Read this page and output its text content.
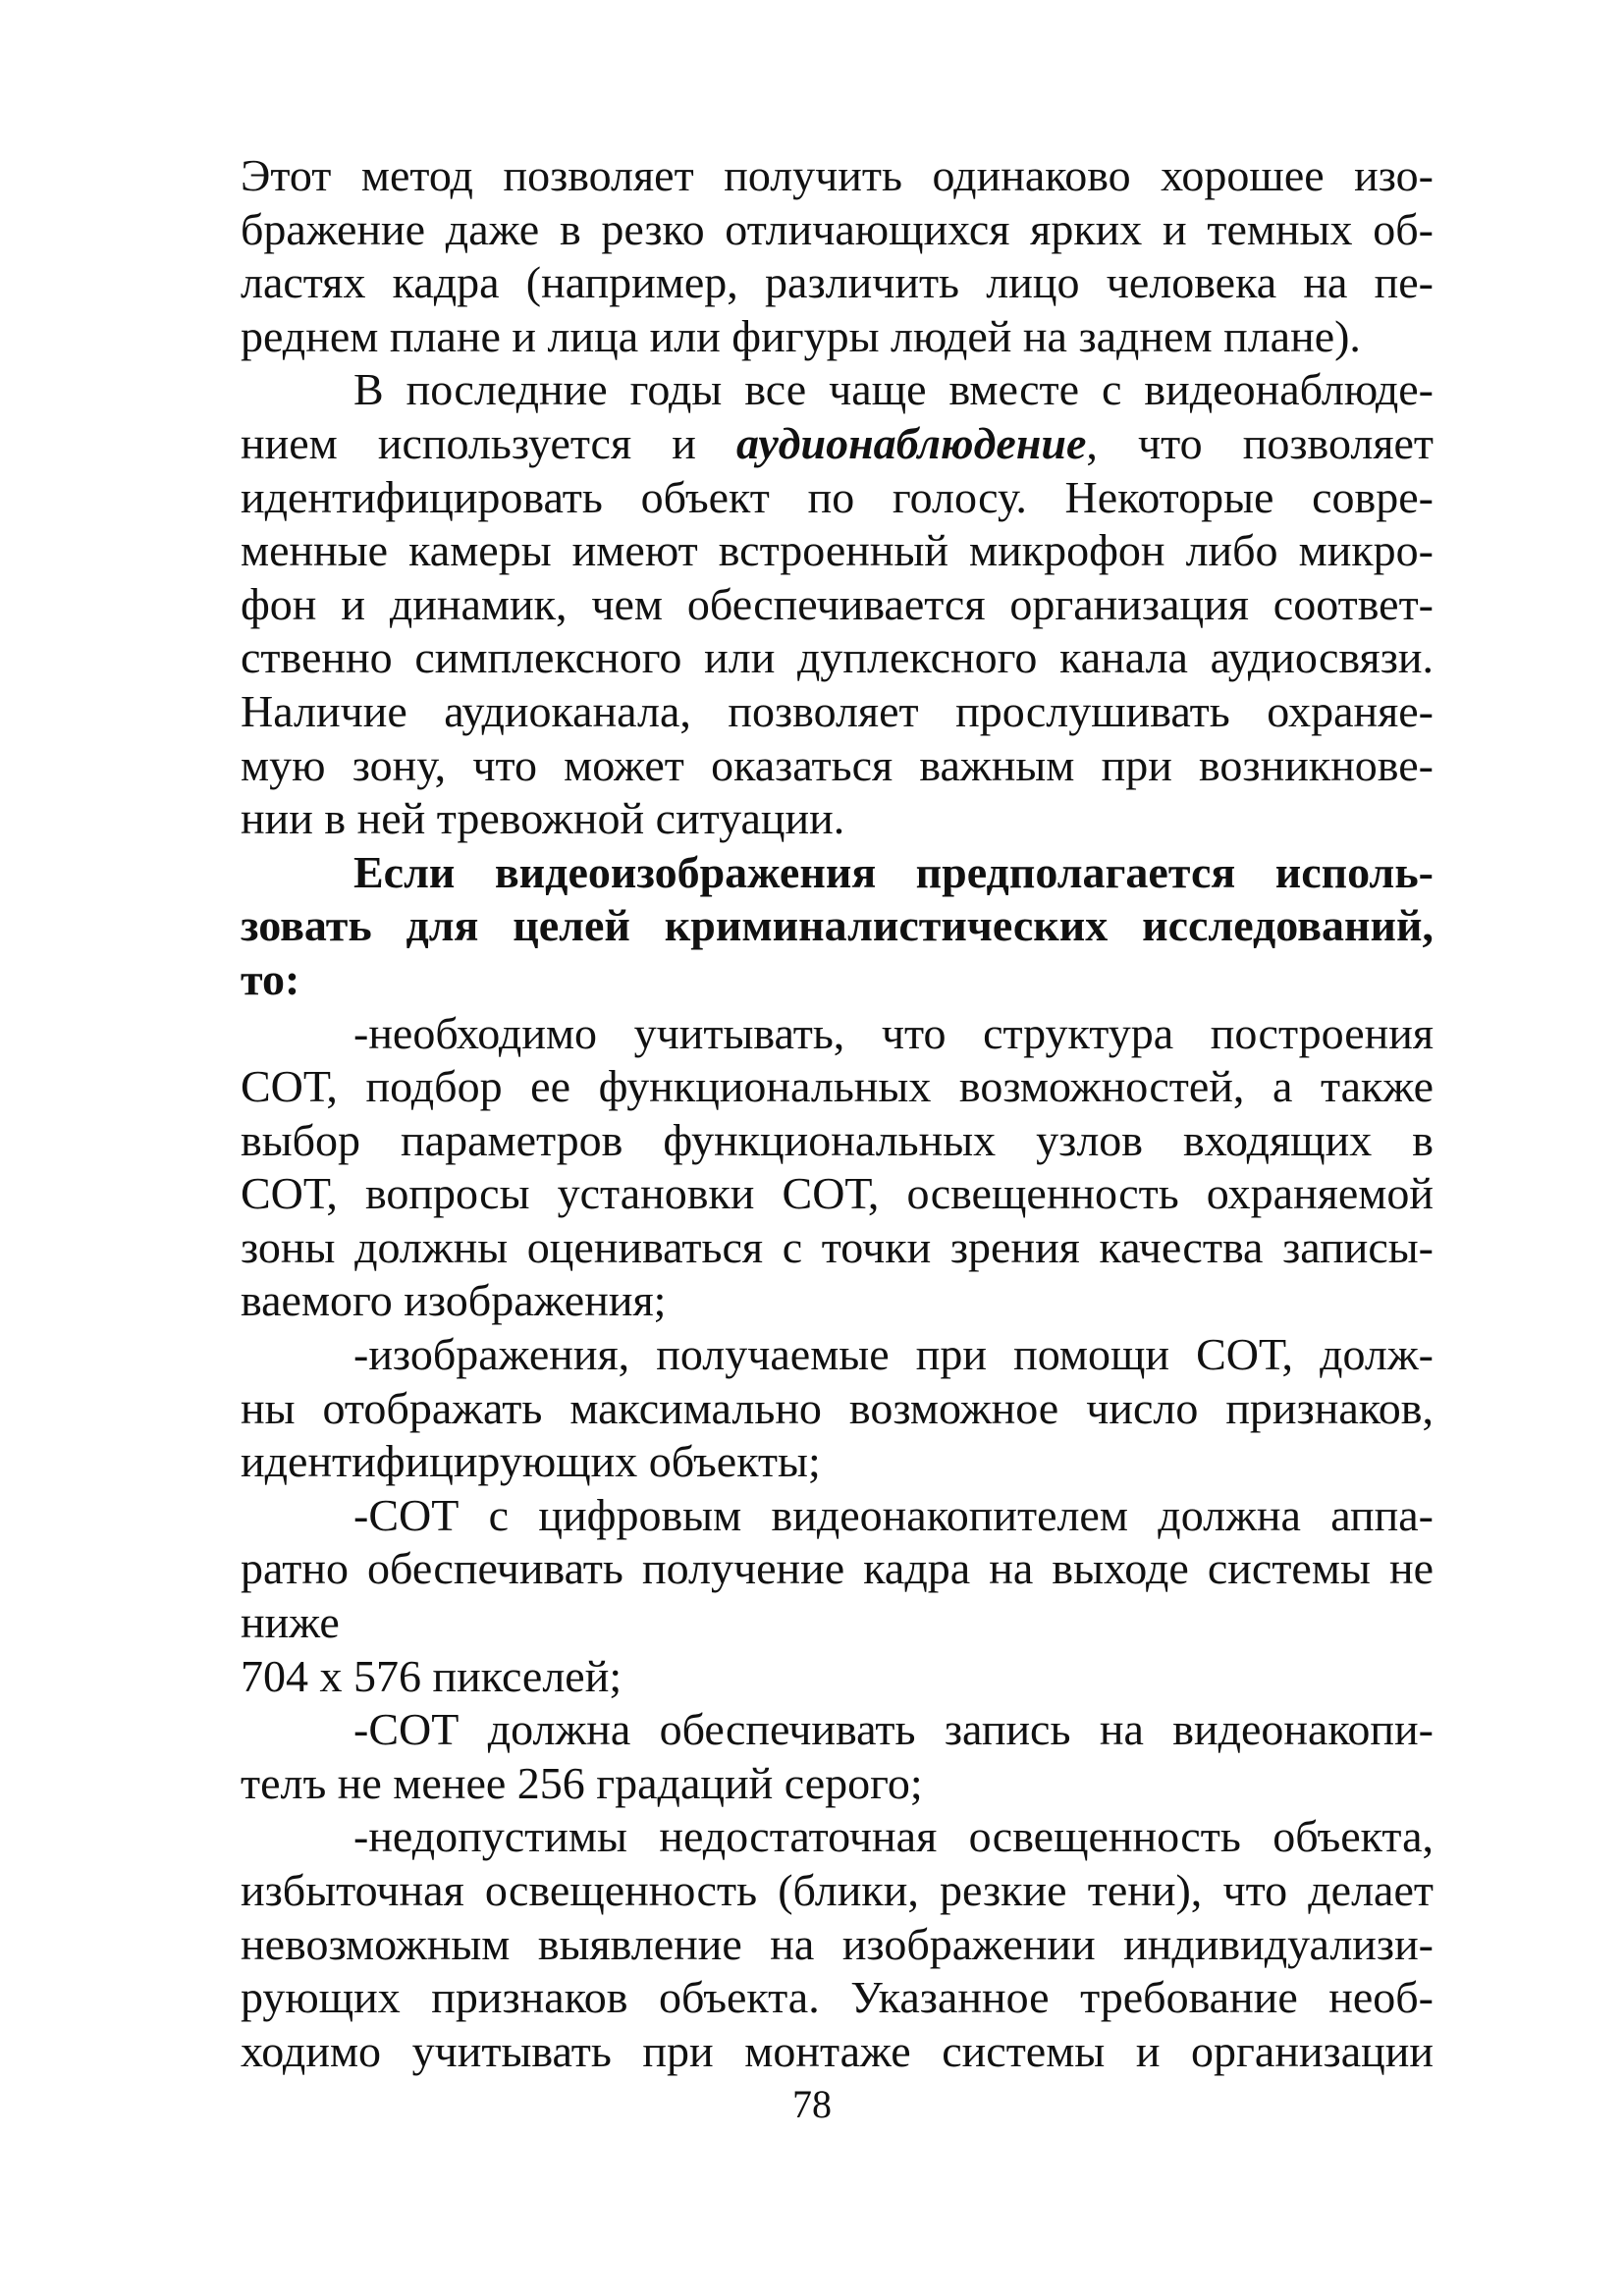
Этот метод позволяет получить одинаково хорошее изо-
бражение даже в резко отличающихся ярких и темных об-
ластях кадра (например, различить лицо человека на пе-
реднем плане и лица или фигуры людей на заднем плане).
В последние годы все чаще вместе с видеонаблюде-
нием используется и аудионаблюдение, что позволяет
идентифицировать объект по голосу. Некоторые совре-
менные камеры имеют встроенный микрофон либо микро-
фон и динамик, чем обеспечивается организация соответ-
ственно симплексного или дуплексного канала аудиосвязи.
Наличие аудиоканала, позволяет прослушивать охраняе-
мую зону, что может оказаться важным при возникнове-
нии в ней тревожной ситуации.
Если видеоизображения предполагается исполь-
зовать для целей криминалистических исследований,
то:
-необходимо учитывать, что структура построения
СОТ, подбор ее функциональных возможностей, а также
выбор параметров функциональных узлов входящих в
СОТ, вопросы установки СОТ, освещенность охраняемой
зоны должны оцениваться с точки зрения качества записы-
ваемого изображения;
-изображения, получаемые при помощи СОТ, долж-
ны отображать максимально возможное число признаков,
идентифицирующих объекты;
-СОТ с цифровым видеонакопителем должна аппа-
ратно обеспечивать получение кадра на выходе системы не
ниже
704 x 576 пикселей;
-СОТ должна обеспечивать запись на видеонакопи-
телъ не менее 256 градаций серого;
-недопустимы недостаточная освещенность объекта,
избыточная освещенность (блики, резкие тени), что делает
невозможным выявление на изображении индивидуализи-
рующих признаков объекта. Указанное требование необ-
ходимо учитывать при монтаже системы и организации
78
